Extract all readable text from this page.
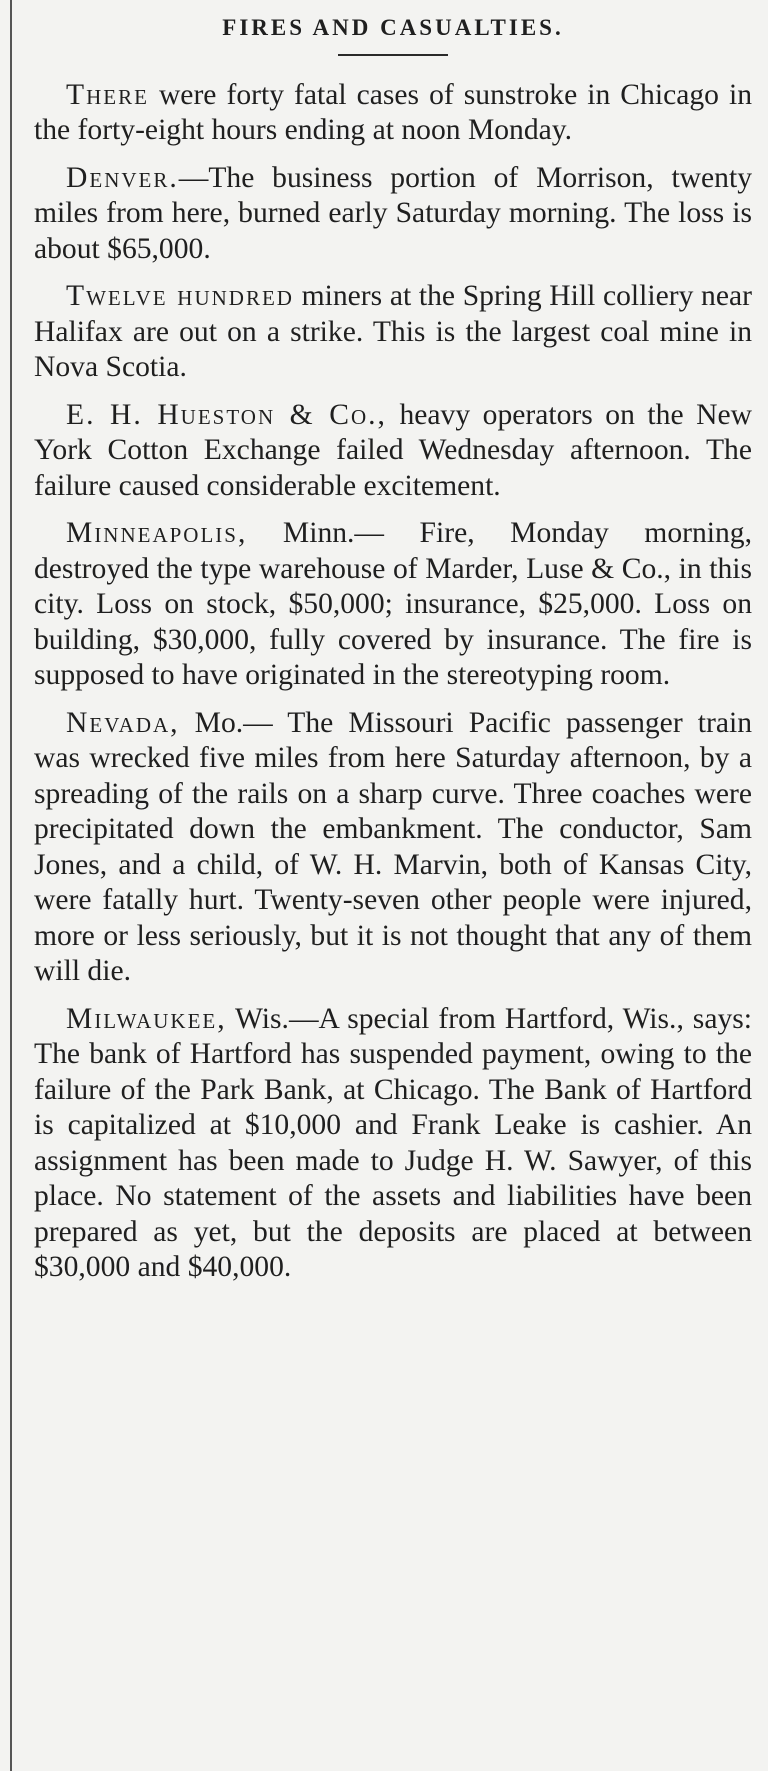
FIRES AND CASUALTIES.

There were forty fatal cases of sunstroke in Chicago in the forty-eight hours ending at noon Monday.

Denver.—The business portion of Morrison, twenty miles from here, burned early Saturday morning. The loss is about $65,000.

Twelve hundred miners at the Spring Hill colliery near Halifax are out on a strike. This is the largest coal mine in Nova Scotia.

E. H. Hueston & Co., heavy operators on the New York Cotton Exchange failed Wednesday afternoon. The failure caused considerable excitement.

Minneapolis, Minn.— Fire, Monday morning, destroyed the type warehouse of Marder, Luse & Co., in this city. Loss on stock, $50,000; insurance, $25,000. Loss on building, $30,000, fully covered by insurance. The fire is supposed to have originated in the stereotyping room.

Nevada, Mo.— The Missouri Pacific passenger train was wrecked five miles from here Saturday afternoon, by a spreading of the rails on a sharp curve. Three coaches were precipitated down the embankment. The conductor, Sam Jones, and a child, of W. H. Marvin, both of Kansas City, were fatally hurt. Twenty-seven other people were injured, more or less seriously, but it is not thought that any of them will die.

Milwaukee, Wis.—A special from Hartford, Wis., says: The bank of Hartford has suspended payment, owing to the failure of the Park Bank, at Chicago. The Bank of Hartford is capitalized at $10,000 and Frank Leake is cashier. An assignment has been made to Judge H. W. Sawyer, of this place. No statement of the assets and liabilities have been prepared as yet, but the deposits are placed at between $30,000 and $40,000.
